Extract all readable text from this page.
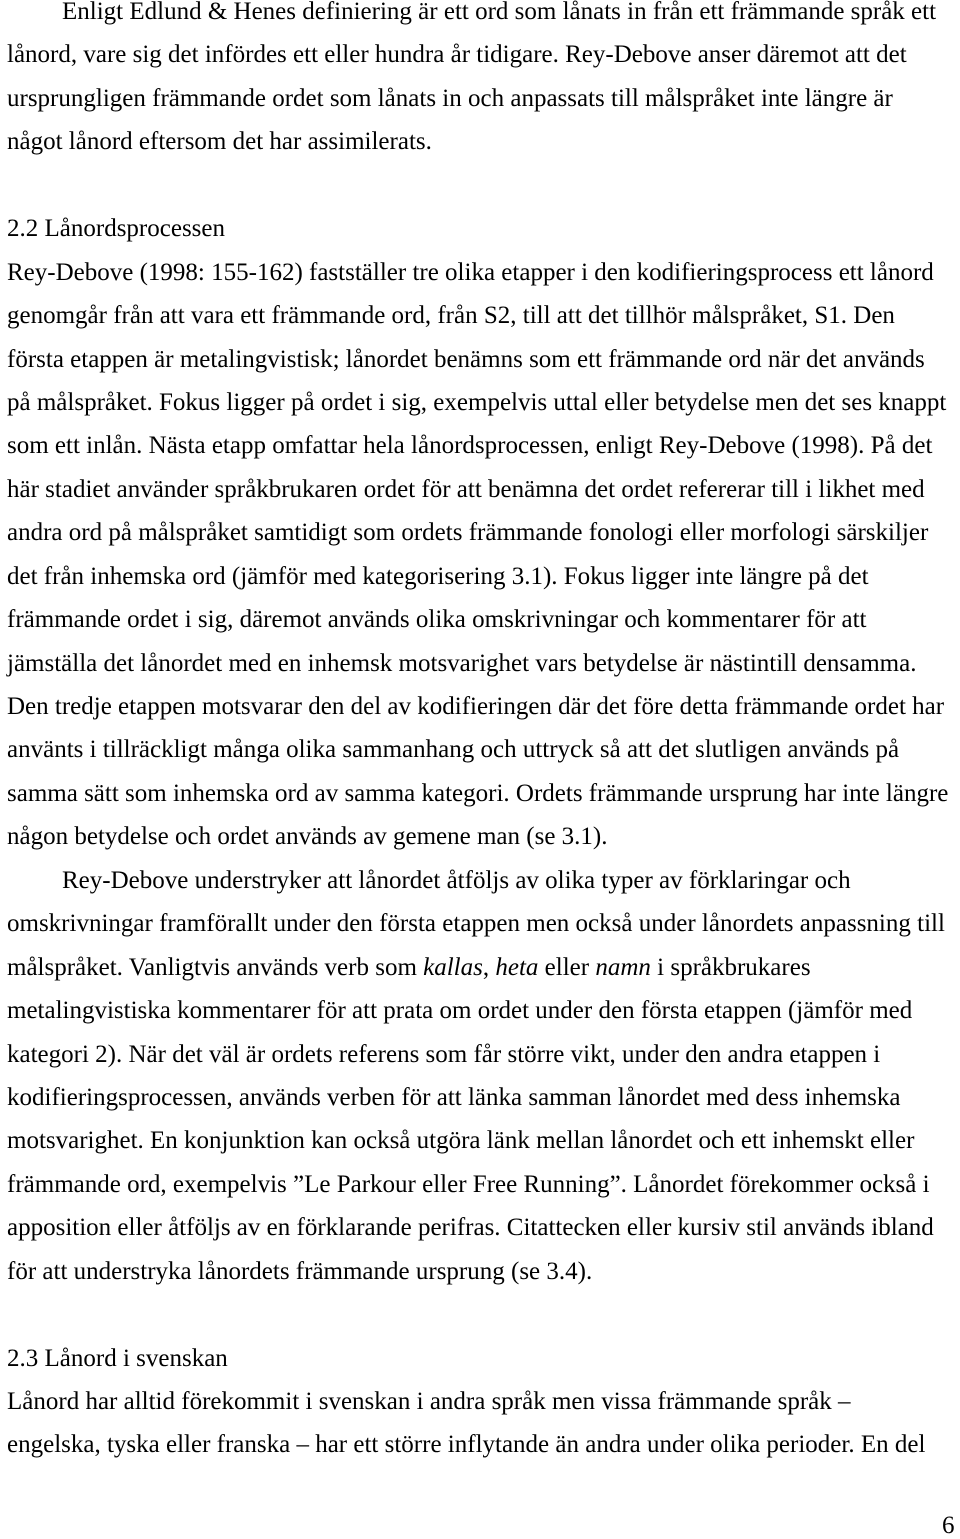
Enligt Edlund & Henes definiering är ett ord som lånats in från ett främmande språk ett
lånord, vare sig det infördes ett eller hundra år tidigare. Rey-Debove anser däremot att det
ursprungligen främmande ordet som lånats in och anpassats till målspråket inte längre är
något lånord eftersom det har assimilerats.
2.2 Lånordsprocessen
Rey-Debove (1998: 155-162) fastställer tre olika etapper i den kodifieringsprocess ett lånord
genomgår från att vara ett främmande ord, från S2, till att det tillhör målspråket, S1. Den
första etappen är metalingvistisk; lånordet benämns som ett främmande ord när det används
på målspråket. Fokus ligger på ordet i sig, exempelvis uttal eller betydelse men det ses knappt
som ett inlån. Nästa etapp omfattar hela lånordsprocessen, enligt Rey-Debove (1998). På det
här stadiet använder språkbrukaren ordet för att benämna det ordet refererar till i likhet med
andra ord på målspråket samtidigt som ordets främmande fonologi eller morfologi särskiljer
det från inhemska ord (jämför med kategorisering 3.1). Fokus ligger inte längre på det
främmande ordet i sig, däremot används olika omskrivningar och kommentarer för att
jämställa det lånordet med en inhemsk motsvarighet vars betydelse är nästintill densamma.
Den tredje etappen motsvarar den del av kodifieringen där det före detta främmande ordet har
använts i tillräckligt många olika sammanhang och uttryck så att det slutligen används på
samma sätt som inhemska ord av samma kategori. Ordets främmande ursprung har inte längre
någon betydelse och ordet används av gemene man (se 3.1).
Rey-Debove understryker att lånordet åtföljs av olika typer av förklaringar och
omskrivningar framförallt under den första etappen men också under lånordets anpassning till
målspråket. Vanligtvis används verb som kallas, heta eller namn i språkbrukares
metalingvistiska kommentarer för att prata om ordet under den första etappen (jämför med
kategori 2). När det väl är ordets referens som får större vikt, under den andra etappen i
kodifieringsprocessen, används verben för att länka samman lånordet med dess inhemska
motsvarighet. En konjunktion kan också utgöra länk mellan lånordet och ett inhemskt eller
främmande ord, exempelvis ”Le Parkour eller Free Running”. Lånordet förekommer också i
apposition eller åtföljs av en förklarande perifras. Citattecken eller kursiv stil används ibland
för att understryka lånordets främmande ursprung (se 3.4).
2.3 Lånord i svenskan
Lånord har alltid förekommit i svenskan i andra språk men vissa främmande språk –
engelska, tyska eller franska – har ett större inflytande än andra under olika perioder. En del
6
